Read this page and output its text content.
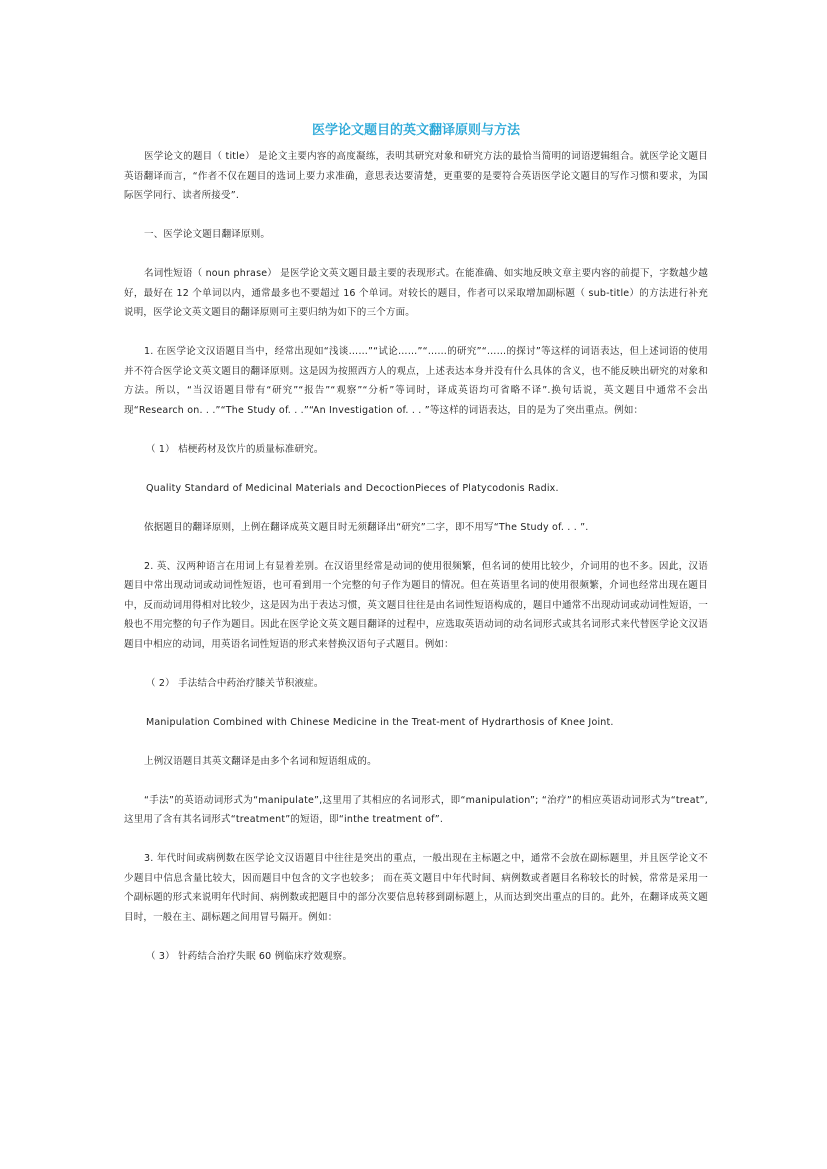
医学论文题目的英文翻译原则与方法

医学论文的题目（ title） 是论文主要内容的高度凝练，表明其研究对象和研究方法的最恰当简明的词语逻辑组合。就医学论文题目英语翻译而言，“作者不仅在题目的选词上要力求准确，意思表达要清楚，更重要的是要符合英语医学论文题目的写作习惯和要求，为国际医学同行、读者所接受”.

一、医学论文题目翻译原则。

名词性短语（ noun phrase） 是医学论文英文题目最主要的表现形式。在能准确、如实地反映文章主要内容的前提下，字数越少越好，最好在 12 个单词以内，通常最多也不要超过 16 个单词。对较长的题目，作者可以采取增加副标题（ sub-title）的方法进行补充说明，医学论文英文题目的翻译原则可主要归纳为如下的三个方面。

1. 在医学论文汉语题目当中，经常出现如“浅谈……”“试论……”“……的研究”“……的探讨”等这样的词语表达，但上述词语的使用并不符合医学论文英文题目的翻译原则。这是因为按照西方人的观点，上述表达本身并没有什么具体的含义，也不能反映出研究的对象和方法。所以，“当汉语题目带有“研究”“报告”“观察”“分析”等词时，译成英语均可省略不译”.换句话说，英文题目中通常不会出现“Research on. . .”“The Study of. . .”“An Investigation of. . . ”等这样的词语表达，目的是为了突出重点。例如：

（ 1） 桔梗药材及饮片的质量标准研究。

Quality Standard of Medicinal Materials and DecoctionPieces of Platycodonis Radix.

依据题目的翻译原则，上例在翻译成英文题目时无须翻译出“研究”二字，即不用写“The Study of. . . ”.

2. 英、汉两种语言在用词上有显着差别。在汉语里经常是动词的使用很频繁，但名词的使用比较少，介词用的也不多。因此，汉语题目中常出现动词或动词性短语，也可看到用一个完整的句子作为题目的情况。但在英语里名词的使用很频繁，介词也经常出现在题目中，反而动词用得相对比较少，这是因为出于表达习惯，英文题目往往是由名词性短语构成的，题目中通常不出现动词或动词性短语，一般也不用完整的句子作为题目。因此在医学论文英文题目翻译的过程中，应选取英语动词的动名词形式或其名词形式来代替医学论文汉语题目中相应的动词，用英语名词性短语的形式来替换汉语句子式题目。例如：

（ 2） 手法结合中药治疗膝关节积液症。

Manipulation Combined with Chinese Medicine in the Treat-ment of Hydrarthosis of Knee Joint.

上例汉语题目其英文翻译是由多个名词和短语组成的。

“手法”的英语动词形式为“manipulate”,这里用了其相应的名词形式，即“manipulation”; “治疗”的相应英语动词形式为“treat”,这里用了含有其名词形式“treatment”的短语，即“inthe treatment of”.

3. 年代时间或病例数在医学论文汉语题目中往往是突出的重点，一般出现在主标题之中，通常不会放在副标题里，并且医学论文不少题目中信息含量比较大，因而题目中包含的文字也较多； 而在英文题目中年代时间、病例数或者题目名称较长的时候，常常是采用一个副标题的形式来说明年代时间、病例数或把题目中的部分次要信息转移到副标题上，从而达到突出重点的目的。此外，在翻译成英文题目时，一般在主、副标题之间用冒号隔开。例如：

（ 3） 针药结合治疗失眠 60 例临床疗效观察。
